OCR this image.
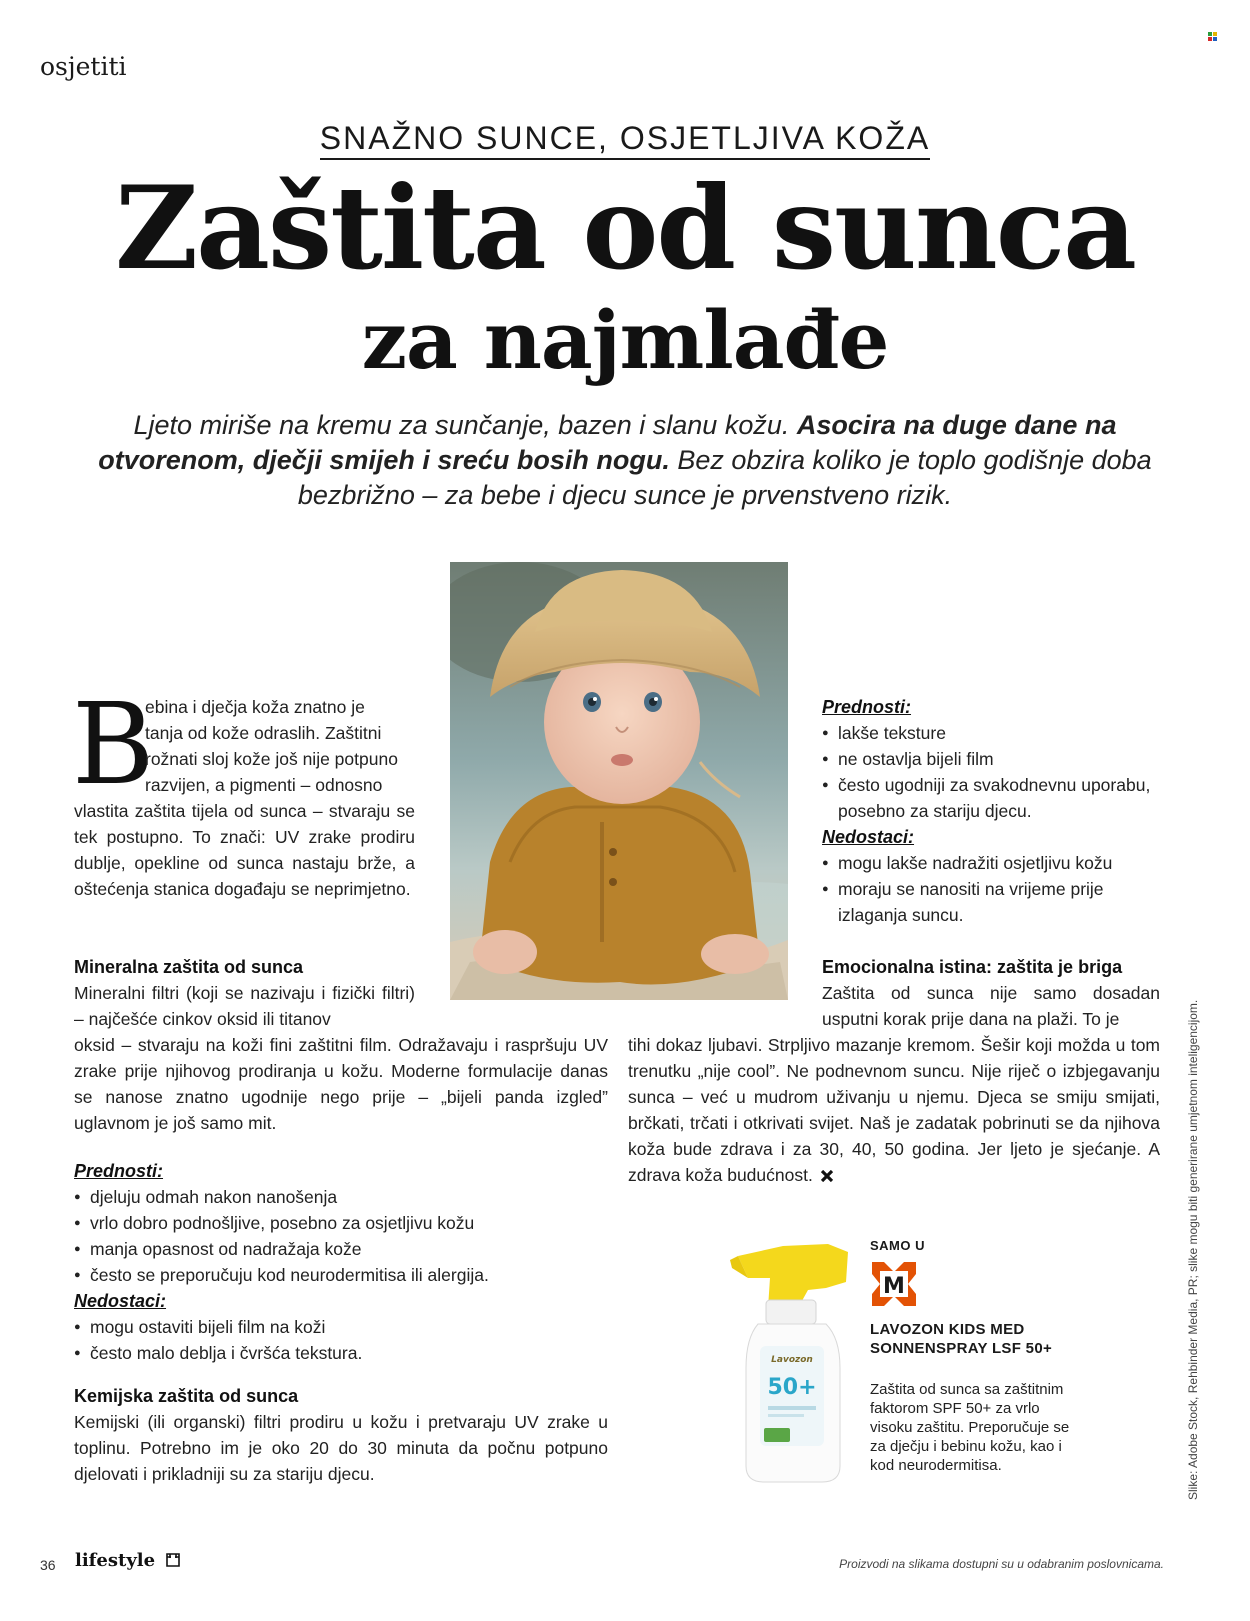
osjetiti
SNAŽNO SUNCE, OSJETLJIVA KOŽA
Zaštita od sunca
za najmlađe
Ljeto miriše na kremu za sunčanje, bazen i slanu kožu. Asocira na duge dane na otvorenom, dječji smijeh i sreću bosih nogu. Bez obzira koliko je toplo godišnje doba bezbrižno – za bebe i djecu sunce je prvenstveno rizik.
B
ebina i dječja koža znatno je
tanja od kože odraslih. Zaštitni
rožnati sloj kože još nije potpuno
razvijen, a pigmenti – odnosno
vlastita zaštita tijela od sunca – stvaraju se tek postupno. To znači: UV zrake prodiru dublje, opekline od sunca nastaju brže, a oštećenja stanica događaju se neprimjetno.
Mineralna zaštita od sunca
Mineralni filtri (koji se nazivaju i fizički filtri) – najčešće cinkov oksid ili titanov
oksid – stvaraju na koži fini zaštitni film. Odražavaju i raspršuju UV zrake prije njihovog prodiranja u kožu. Moderne formulacije danas se nanose znatno ugodnije nego prije – „bijeli panda izgled” uglavnom je još samo mit.
Prednosti:
● djeluju odmah nakon nanošenja
● vrlo dobro podnošljive, posebno za osjetljivu kožu
● manja opasnost od nadražaja kože
● često se preporučuju kod neurodermitisa ili alergija.
Nedostaci:
● mogu ostaviti bijeli film na koži
● često malo deblja i čvršća tekstura.
Kemijska zaštita od sunca
Kemijski (ili organski) filtri prodiru u kožu i pretvaraju UV zrake u toplinu. Potrebno im je oko 20 do 30 minuta da počnu potpuno djelovati i prikladniji su za stariju djecu.
Prednosti:
● lakše teksture
● ne ostavlja bijeli film
● često ugodniji za svakodnevnu uporabu, posebno za stariju djecu.
Nedostaci:
● mogu lakše nadražiti osjetljivu kožu
● moraju se nanositi na vrijeme prije izlaganja suncu.
Emocionalna istina: zaštita je briga
Zaštita od sunca nije samo dosadan usputni korak prije dana na plaži. To je
tihi dokaz ljubavi. Strpljivo mazanje kremom. Šešir koji možda u tom trenutku „nije cool”. Ne podnevnom suncu. Nije riječ o izbjegavanju sunca – već u mudrom uživanju u njemu. Djeca se smiju smijati, brčkati, trčati i otkrivati svijet. Naš je zadatak pobrinuti se da njihova koža bude zdrava i za 30, 40, 50 godina. Jer ljeto je sjećanje. A zdrava koža budućnost.
Lavozon
50+
SAMO U
M
LAVOZON KIDS MED SONNENSPRAY LSF 50+
Zaštita od sunca sa zaštitnim faktorom SPF 50+ za vrlo visoku zaštitu. Preporučuje se za dječju i bebinu kožu, kao i kod neurodermitisa.	Slike: Adobe Stock, Rehbinder Media, PR; slike mogu biti generirane umjetnom inteligencijom.
36 lifestyle	Proizvodi na slikama dostupni su u odabranim poslovnicama.
